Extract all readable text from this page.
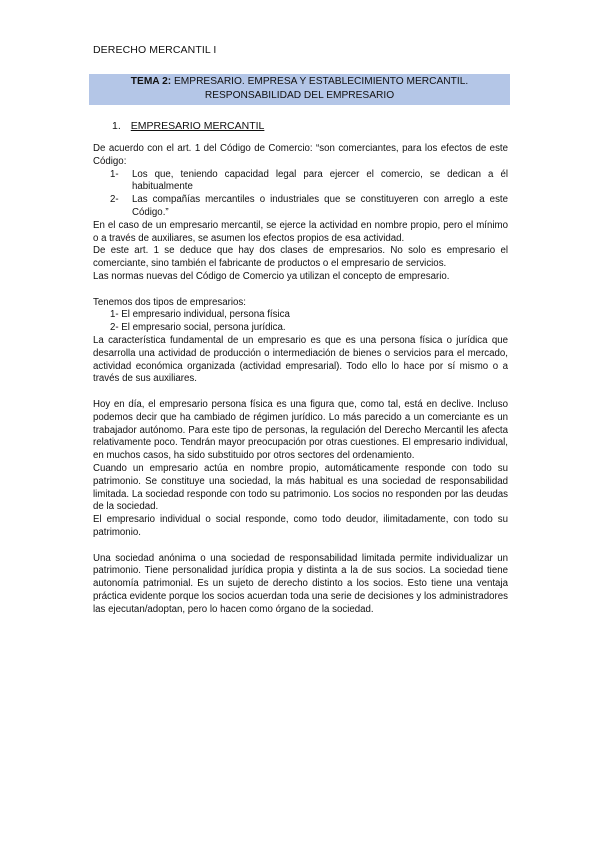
DERECHO MERCANTIL I
TEMA 2: EMPRESARIO. EMPRESA Y ESTABLECIMIENTO MERCANTIL. RESPONSABILIDAD DEL EMPRESARIO
1. EMPRESARIO MERCANTIL

De acuerdo con el art. 1 del Código de Comercio: “son comerciantes, para los efectos de este Código:

1-	Los que, teniendo capacidad legal para ejercer el comercio, se dedican a él habitualmente
2-	Las compañías mercantiles o industriales que se constituyeren con arreglo a este Código.”

En el caso de un empresario mercantil, se ejerce la actividad en nombre propio, pero el mínimo o a través de auxiliares, se asumen los efectos propios de esa actividad.

De este art. 1 se deduce que hay dos clases de empresarios. No solo es empresario el comerciante, sino también el fabricante de productos o el empresario de servicios.

Las normas nuevas del Código de Comercio ya utilizan el concepto de empresario.

Tenemos dos tipos de empresarios:

1- El empresario individual, persona física

2- El empresario social, persona jurídica.

La característica fundamental de un empresario es que es una persona física o jurídica que desarrolla una actividad de producción o intermediación de bienes o servicios para el mercado, actividad económica organizada (actividad empresarial). Todo ello lo hace por sí mismo o a través de sus auxiliares.

Hoy en día, el empresario persona física es una figura que, como tal, está en declive. Incluso podemos decir que ha cambiado de régimen jurídico. Lo más parecido a un comerciante es un trabajador autónomo. Para este tipo de personas, la regulación del Derecho Mercantil les afecta relativamente poco. Tendrán mayor preocupación por otras cuestiones. El empresario individual, en muchos casos, ha sido substituido por otros sectores del ordenamiento.

Cuando un empresario actúa en nombre propio, automáticamente responde con todo su patrimonio. Se constituye una sociedad, la más habitual es una sociedad de responsabilidad limitada. La sociedad responde con todo su patrimonio. Los socios no responden por las deudas de la sociedad.

El empresario individual o social responde, como todo deudor, ilimitadamente, con todo su patrimonio.

Una sociedad anónima o una sociedad de responsabilidad limitada permite individualizar un patrimonio. Tiene personalidad jurídica propia y distinta a la de sus socios. La sociedad tiene autonomía patrimonial. Es un sujeto de derecho distinto a los socios. Esto tiene una ventaja práctica evidente porque los socios acuerdan toda una serie de decisiones y los administradores las ejecutan/adoptan, pero lo hacen como órgano de la sociedad.
